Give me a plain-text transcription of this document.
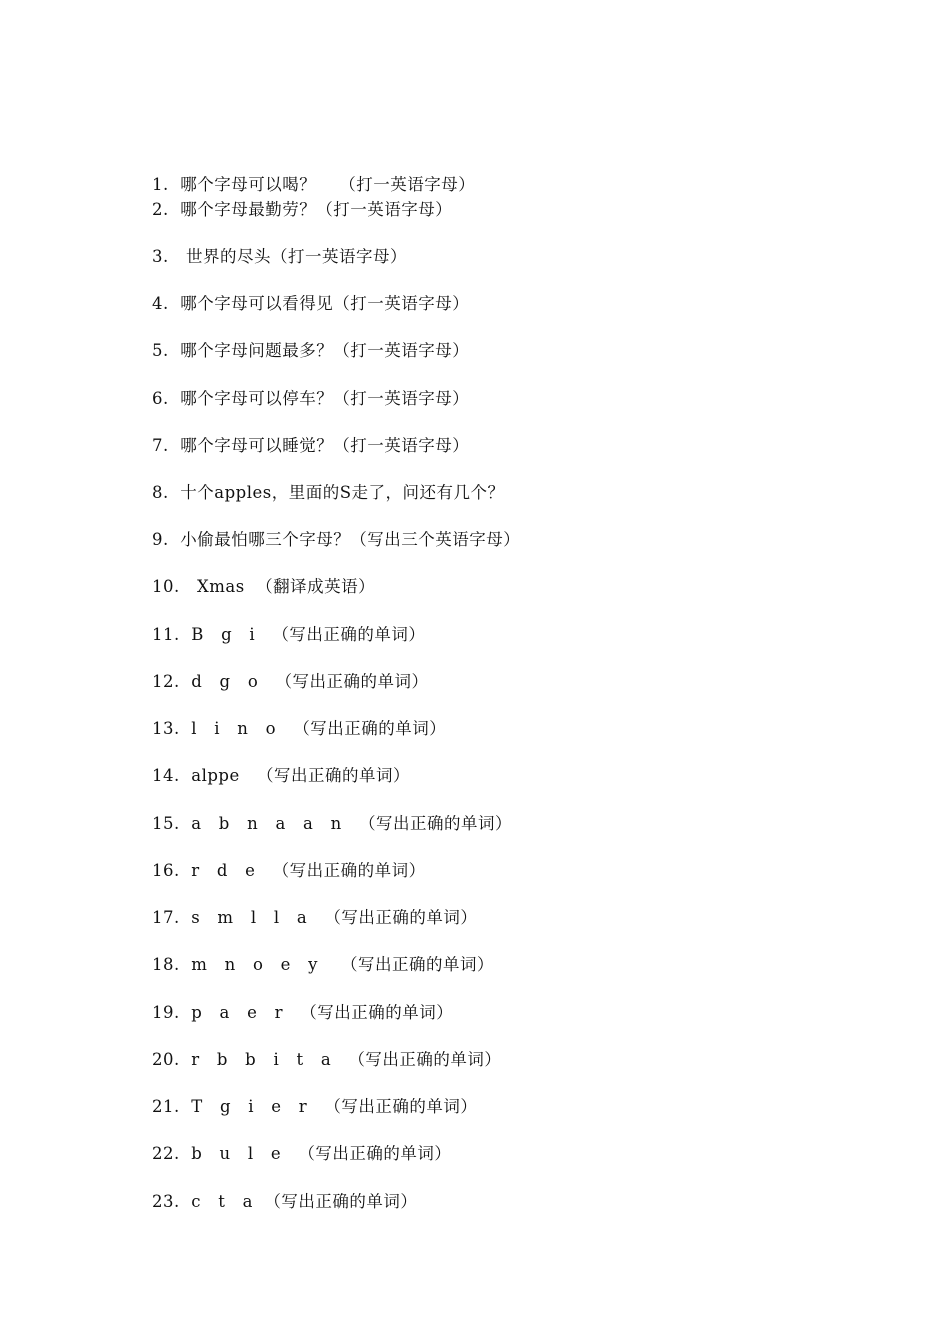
1.  哪个字母可以喝？    （打一英语字母）
2.  哪个字母最勤劳？（打一英语字母）
3.   世界的尽头（打一英语字母）
4.  哪个字母可以看得见（打一英语字母）
5.  哪个字母问题最多？（打一英语字母）
6.  哪个字母可以停车？（打一英语字母）
7.  哪个字母可以睡觉？（打一英语字母）
8.  十个apples，里面的S走了，问还有几个？
9.  小偷最怕哪三个字母？（写出三个英语字母）
10.   Xmas  （翻译成英语）
11.  B   g   i   （写出正确的单词）
12.  d   g   o   （写出正确的单词）
13.  l   i   n   o   （写出正确的单词）
14.  alppe   （写出正确的单词）
15.  a   b   n   a   a   n   （写出正确的单词）
16.  r   d   e   （写出正确的单词）
17.  s   m   l   l   a   （写出正确的单词）
18.  m   n   o   e   y    （写出正确的单词）
19.  p   a   e   r   （写出正确的单词）
20.  r   b   b   i   t   a   （写出正确的单词）
21.  T   g   i   e   r   （写出正确的单词）
22.  b   u   l   e   （写出正确的单词）
23.  c   t   a  （写出正确的单词）
